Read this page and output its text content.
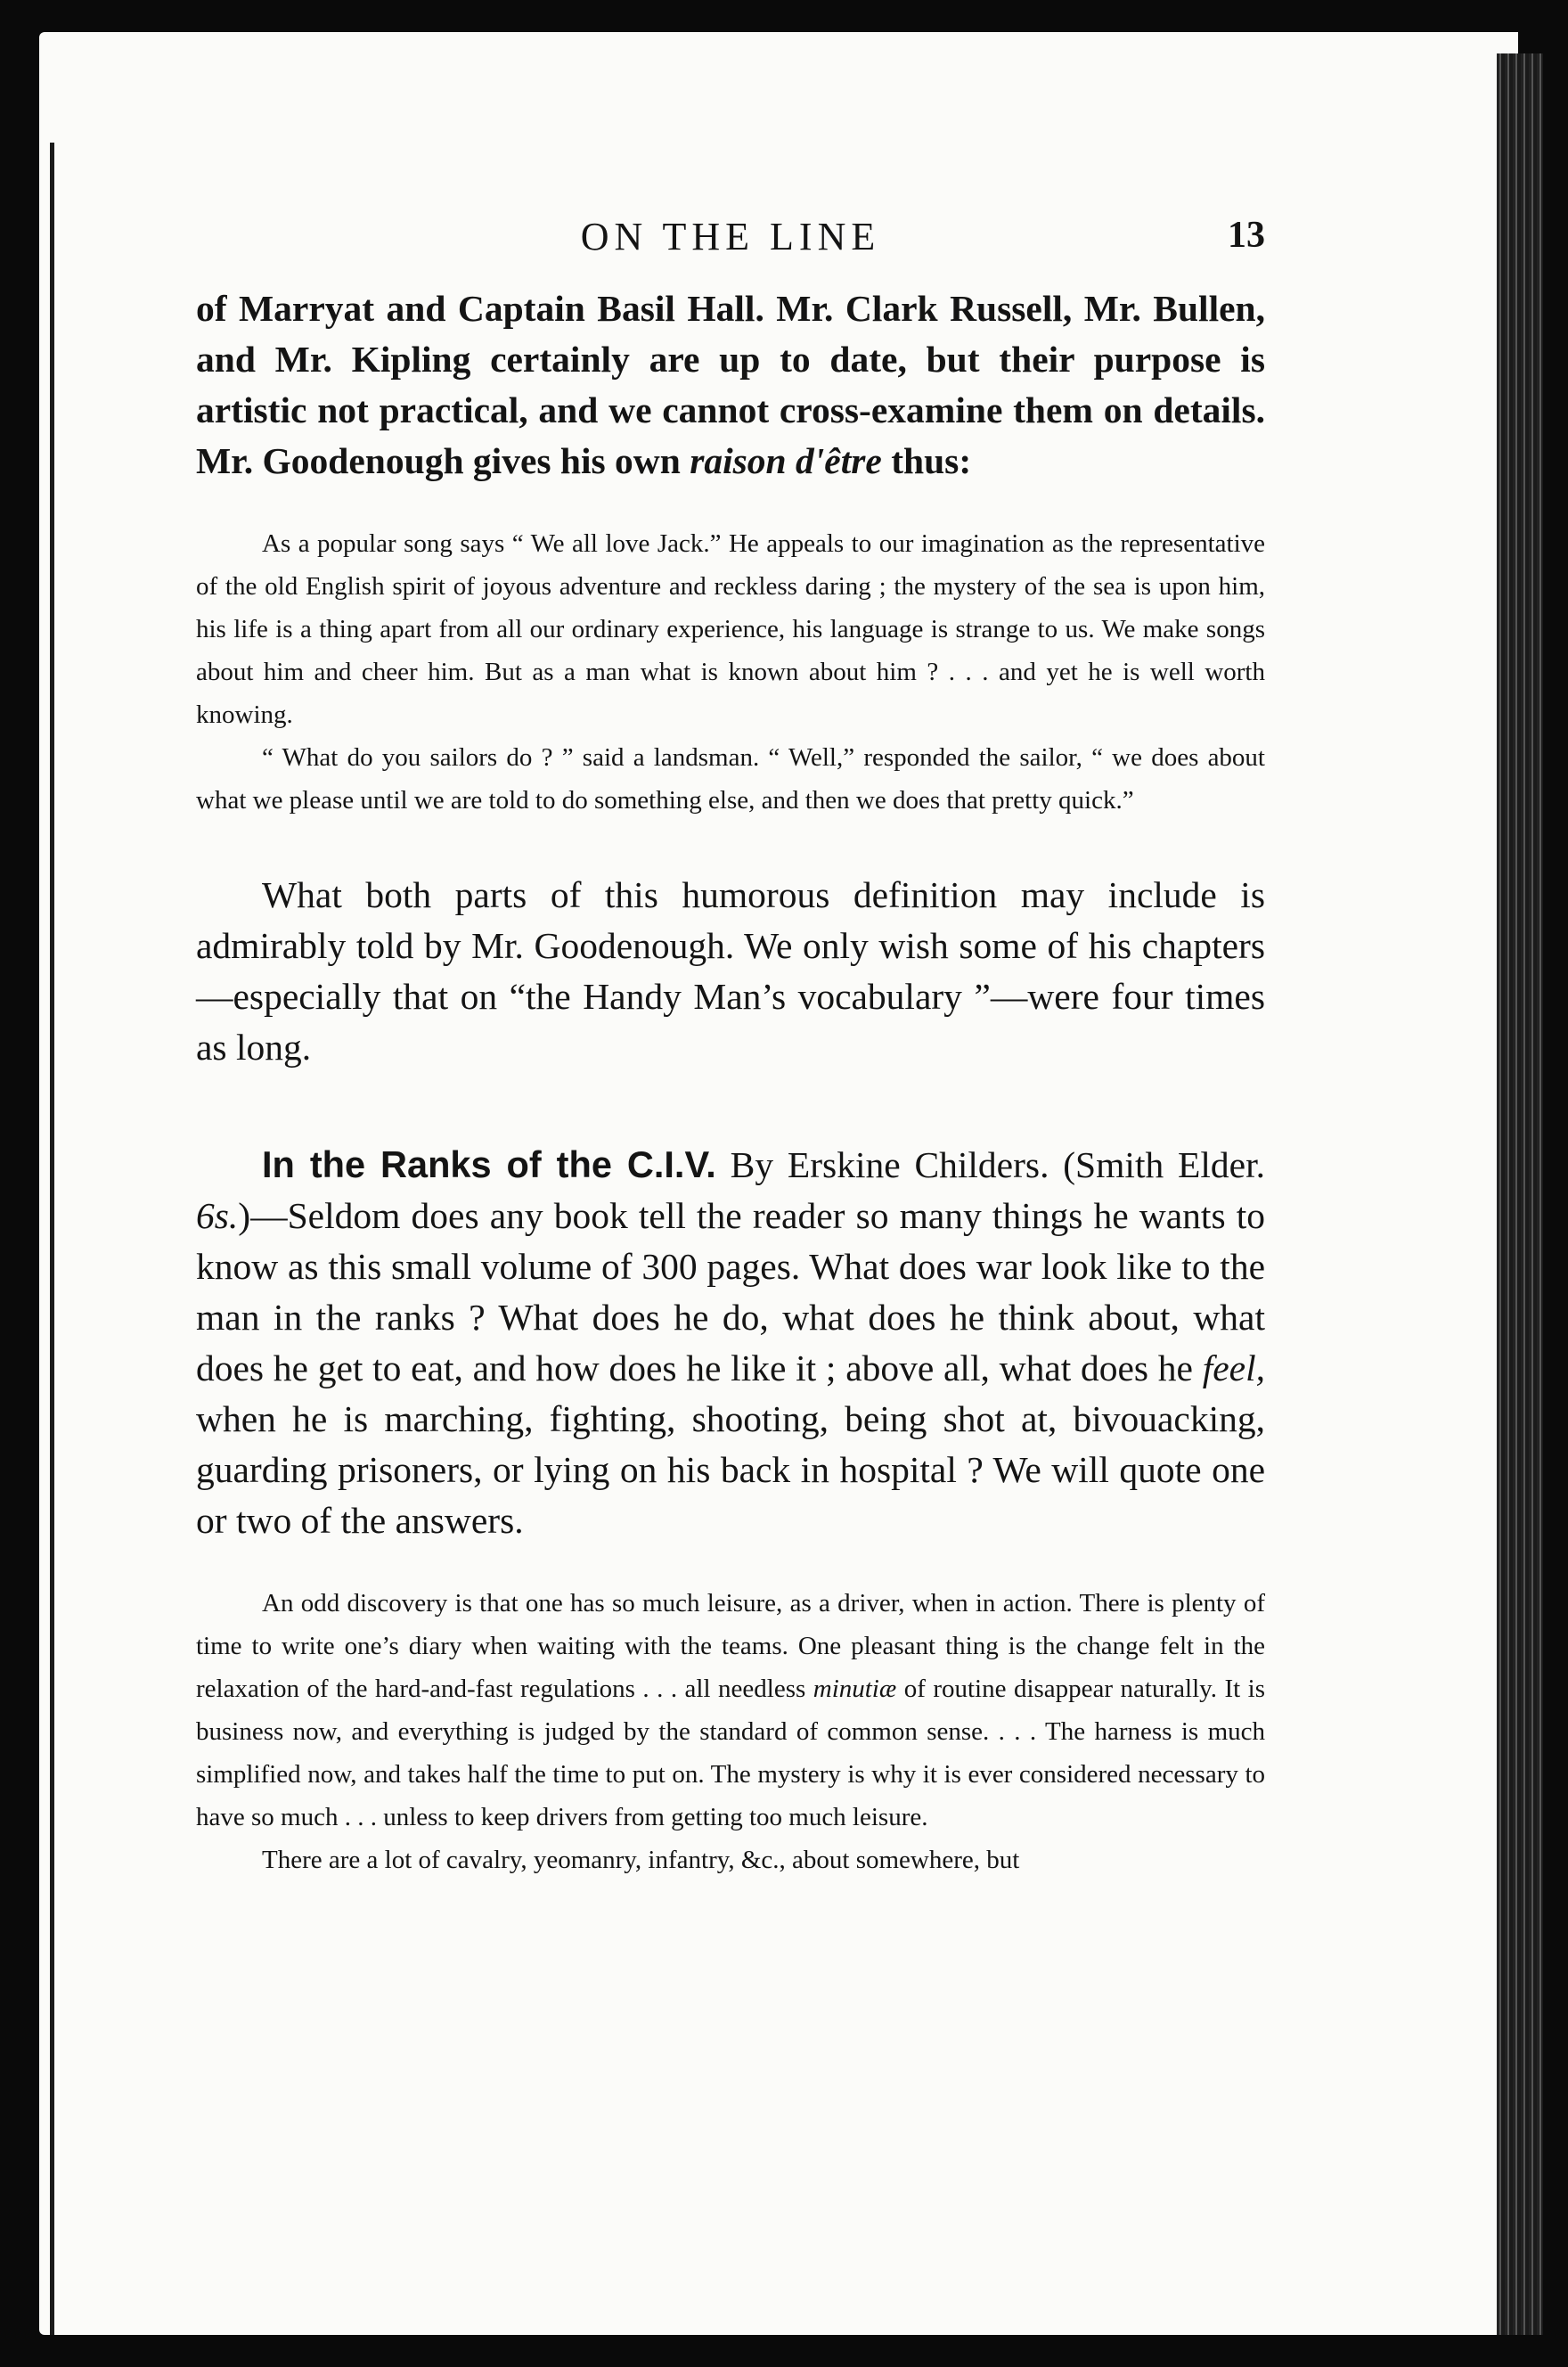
ON THE LINE	13

of Marryat and Captain Basil Hall. Mr. Clark Russell, Mr. Bullen, and Mr. Kipling certainly are up to date, but their purpose is artistic not practical, and we cannot cross-examine them on details. Mr. Goodenough gives his own raison d'être thus:

As a popular song says “ We all love Jack.” He appeals to our imagination as the representative of the old English spirit of joyous adventure and reckless daring ; the mystery of the sea is upon him, his life is a thing apart from all our ordinary experience, his language is strange to us. We make songs about him and cheer him. But as a man what is known about him ? . . . and yet he is well worth knowing.

“ What do you sailors do ? ” said a landsman. “ Well,” responded the sailor, “ we does about what we please until we are told to do something else, and then we does that pretty quick.”

What both parts of this humorous definition may include is admirably told by Mr. Goodenough. We only wish some of his chapters—especially that on “the Handy Man’s vocabulary ”—were four times as long.

In the Ranks of the C.I.V. By Erskine Childers. (Smith Elder. 6s.)—Seldom does any book tell the reader so many things he wants to know as this small volume of 300 pages. What does war look like to the man in the ranks ? What does he do, what does he think about, what does he get to eat, and how does he like it ; above all, what does he feel, when he is marching, fighting, shooting, being shot at, bivouacking, guarding prisoners, or lying on his back in hospital ? We will quote one or two of the answers.

An odd discovery is that one has so much leisure, as a driver, when in action. There is plenty of time to write one’s diary when waiting with the teams. One pleasant thing is the change felt in the relaxation of the hard-and-fast regulations . . . all needless minutiæ of routine disappear naturally. It is business now, and everything is judged by the standard of common sense. . . . The harness is much simplified now, and takes half the time to put on. The mystery is why it is ever considered necessary to have so much . . . unless to keep drivers from getting too much leisure.

There are a lot of cavalry, yeomanry, infantry, &c., about somewhere, but
